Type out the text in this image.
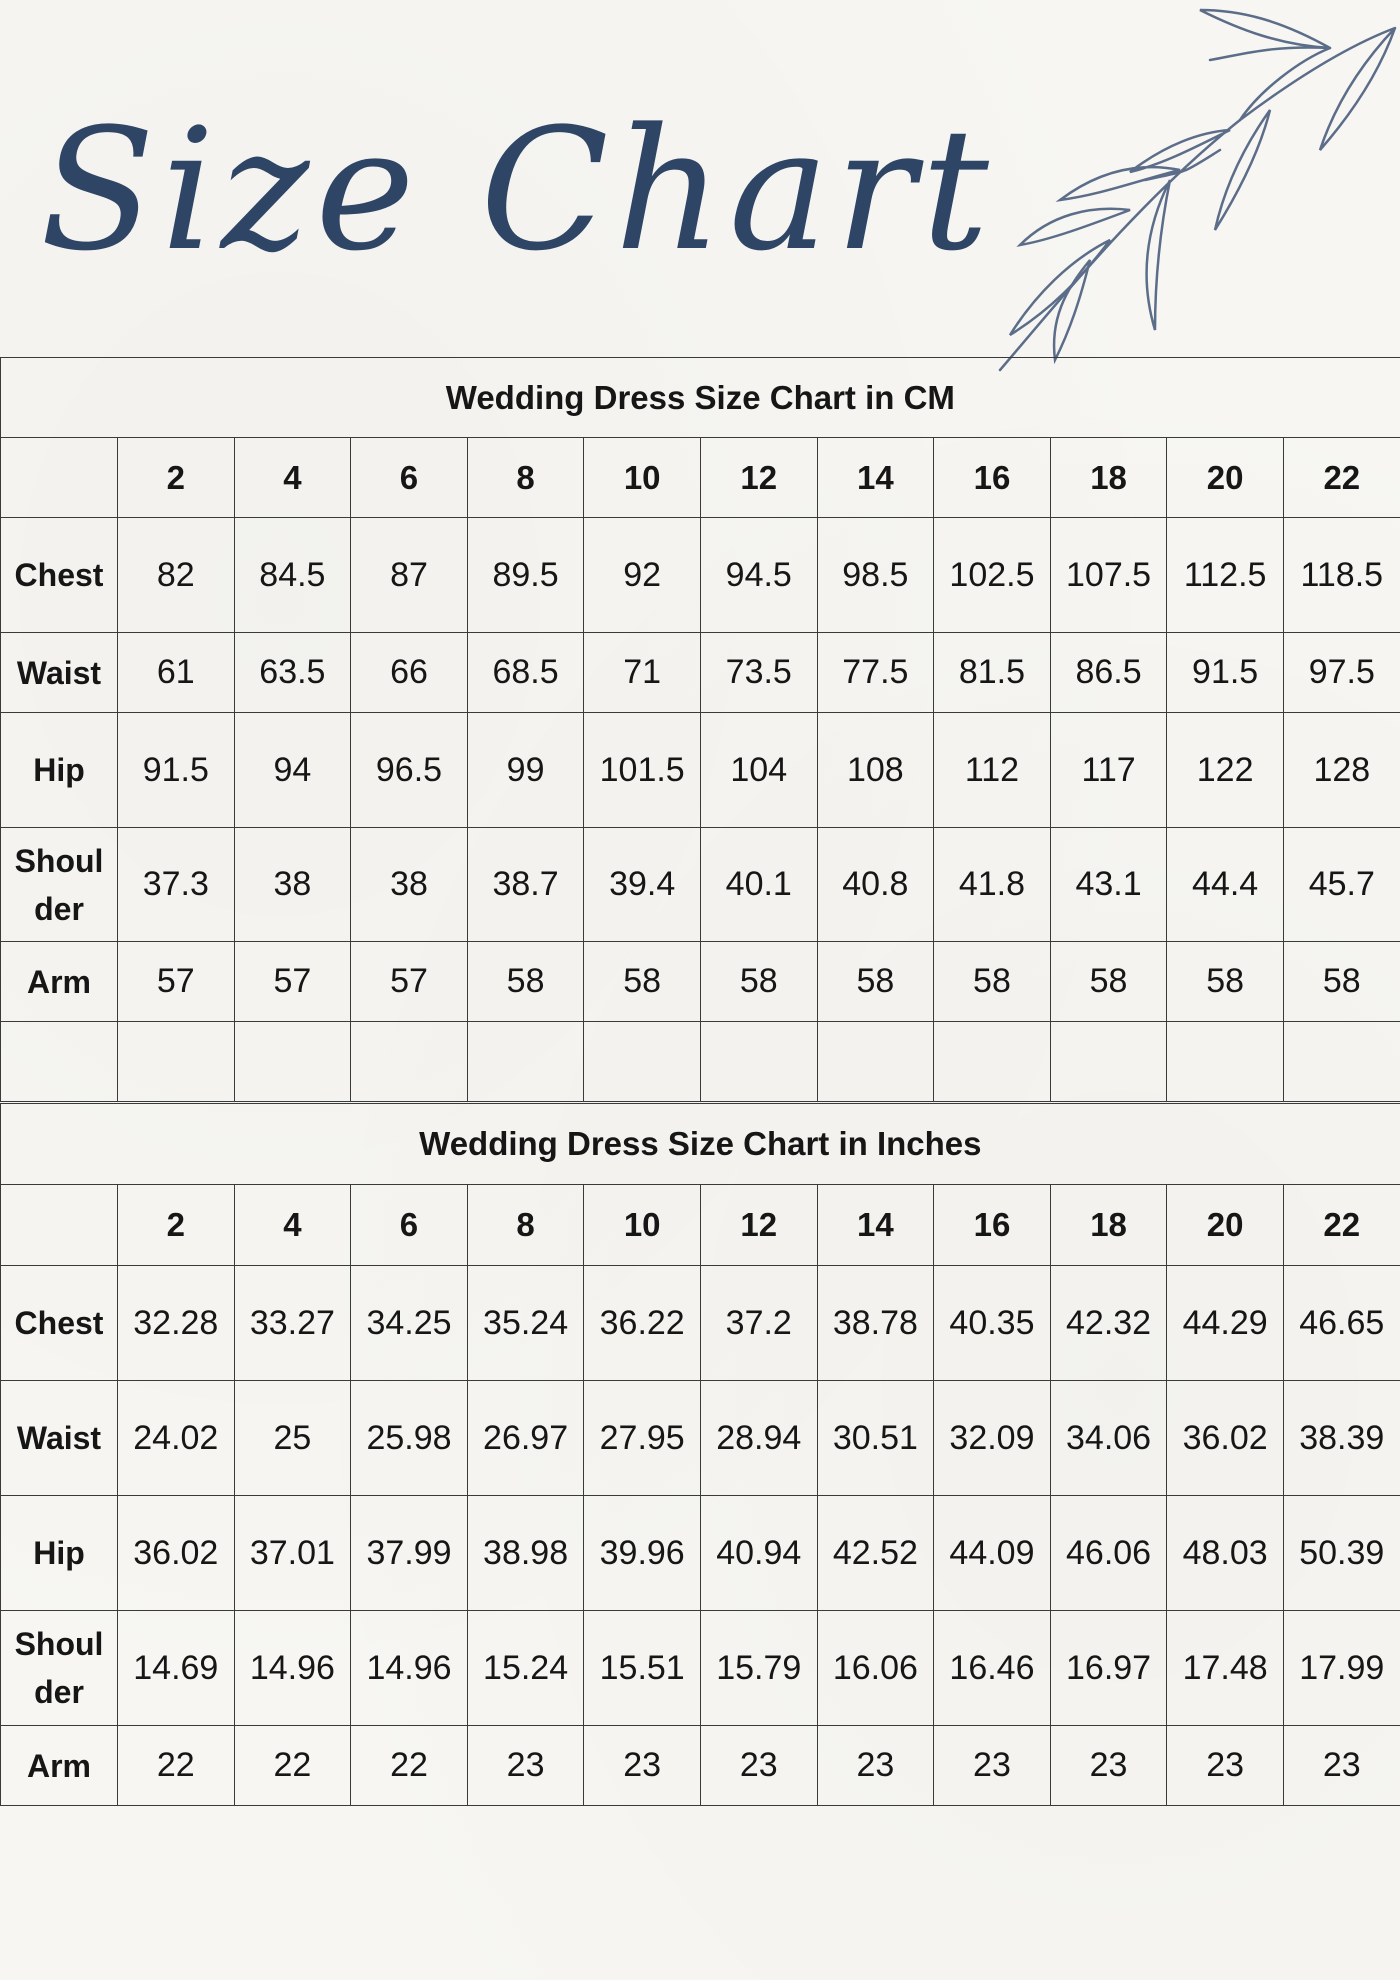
Size Chart
Wedding Dress Size Chart in CM											
	2	4	6	8	10	12	14	16	18	20	22
Chest	82	84.5	87	89.5	92	94.5	98.5	102.5	107.5	112.5	118.5
Waist	61	63.5	66	68.5	71	73.5	77.5	81.5	86.5	91.5	97.5
Hip	91.5	94	96.5	99	101.5	104	108	112	117	122	128
Shoul der	37.3	38	38	38.7	39.4	40.1	40.8	41.8	43.1	44.4	45.7
Arm	57	57	57	58	58	58	58	58	58	58	58

Wedding Dress Size Chart in Inches											
	2	4	6	8	10	12	14	16	18	20	22
Chest	32.28	33.27	34.25	35.24	36.22	37.2	38.78	40.35	42.32	44.29	46.65
Waist	24.02	25	25.98	26.97	27.95	28.94	30.51	32.09	34.06	36.02	38.39
Hip	36.02	37.01	37.99	38.98	39.96	40.94	42.52	44.09	46.06	48.03	50.39
Shoul der	14.69	14.96	14.96	15.24	15.51	15.79	16.06	16.46	16.97	17.48	17.99
Arm	22	22	22	23	23	23	23	23	23	23	23
